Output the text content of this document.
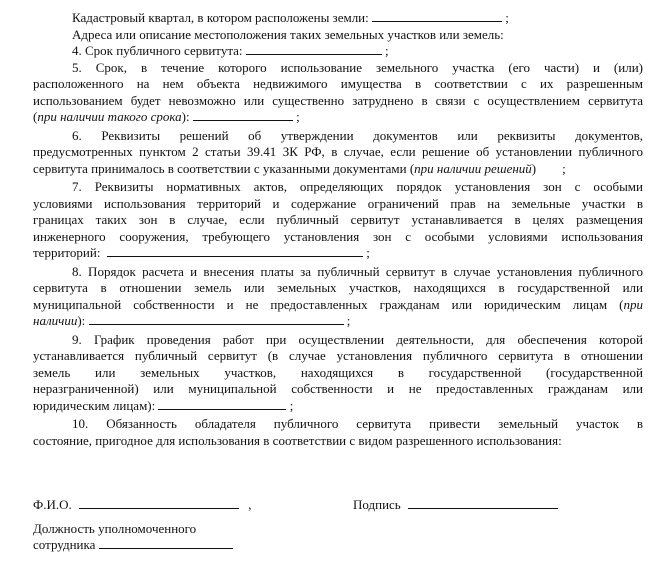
Кадастровый квартал, в котором расположены земли:	;
Адреса или описание местоположения таких земельных участков или земель:
4. Срок публичного сервитута:	;
5. Срок, в течение которого использование земельного участка (его части) и (или)
расположенного на нем объекта недвижимого имущества в соответствии с их разрешенным
использованием будет невозможно или существенно затруднено в связи с осуществлением сервитута
(при наличии такого срока):	;
6. Реквизиты решений об утверждении документов или реквизиты документов,
предусмотренных пунктом 2 статьи 39.41 ЗК РФ, в случае, если решение об установлении публичного
сервитута принималось в соответствии с указанными документами (при наличии решений) ;
7. Реквизиты нормативных актов, определяющих порядок установления зон с особыми
условиями использования территорий и содержание ограничений прав на земельные участки в
границах таких зон в случае, если публичный сервитут устанавливается в целях размещения
инженерного сооружения, требующего установления зон с особыми условиями использования
территорий:	;
8. Порядок расчета и внесения платы за публичный сервитут в случае установления публичного
сервитута в отношении земель или земельных участков, находящихся в государственной или
муниципальной собственности и не предоставленных гражданам или юридическим лицам (при
наличии):	;
9. График проведения работ при осуществлении деятельности, для обеспечения которой
устанавливается публичный сервитут (в случае установления публичного сервитута в отношении
земель или земельных участков, находящихся в государственной (государственной
неразграниченной) или муниципальной собственности и не предоставленных гражданам или
юридическим лицам):	;
10. Обязанность обладателя публичного сервитута привести земельный участок в
состояние, пригодное для использования в соответствии с видом разрешенного использования:
Ф.И.О.	,	Подпись
Должность уполномоченного
сотрудника
